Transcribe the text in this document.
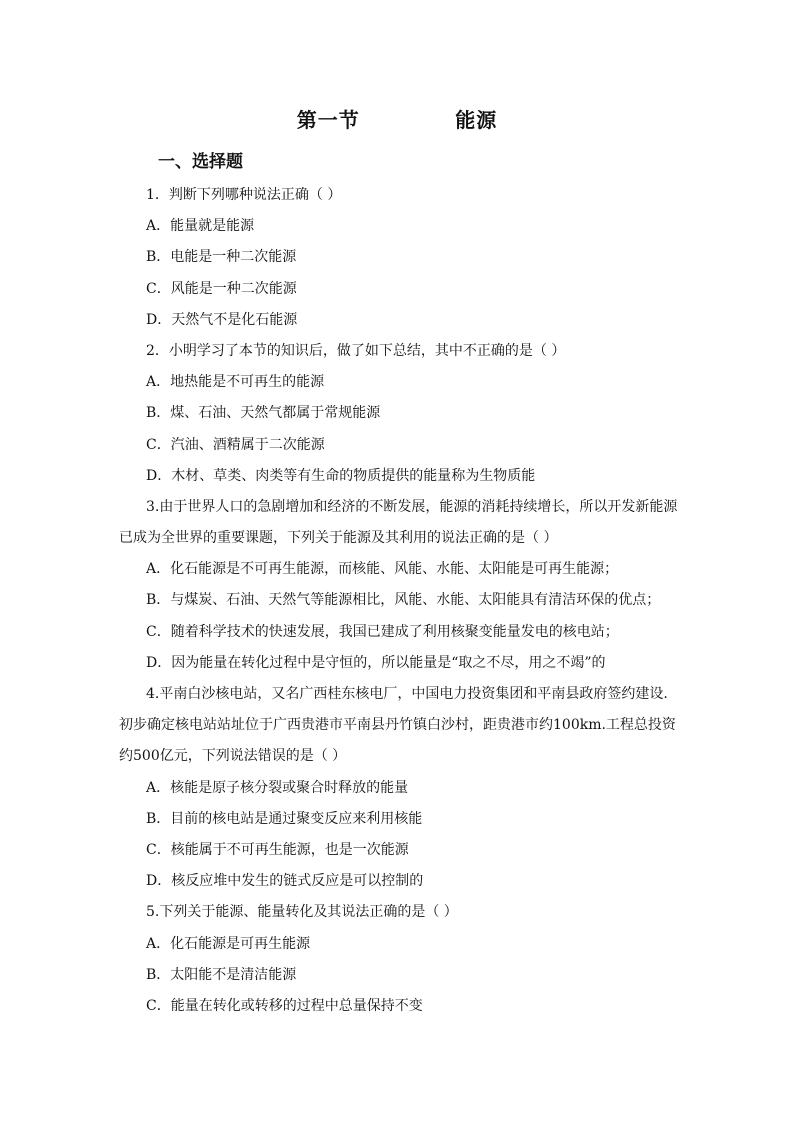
第一节            能源
一、选择题
1．判断下列哪种说法正确（ ）
A．能量就是能源
B．电能是一种二次能源
C．风能是一种二次能源
D．天然气不是化石能源
2．小明学习了本节的知识后，做了如下总结，其中不正确的是（ ）
A．地热能是不可再生的能源
B．煤、石油、天然气都属于常规能源
C．汽油、酒精属于二次能源
D．木材、草类、肉类等有生命的物质提供的能量称为生物质能
3.由于世界人口的急剧增加和经济的不断发展，能源的消耗持续增长，所以开发新能源
已成为全世界的重要课题，下列关于能源及其利用的说法正确的是（ ）
A．化石能源是不可再生能源，而核能、风能、水能、太阳能是可再生能源；
B．与煤炭、石油、天然气等能源相比，风能、水能、太阳能具有清洁环保的优点；
C．随着科学技术的快速发展，我国已建成了利用核聚变能量发电的核电站；
D．因为能量在转化过程中是守恒的，所以能量是“取之不尽，用之不竭”的
4.平南白沙核电站，又名广西桂东核电厂，中国电力投资集团和平南县政府签约建设.
初步确定核电站站址位于广西贵港市平南县丹竹镇白沙村，距贵港市约100km.工程总投资
约500亿元，下列说法错误的是（ ）
A．核能是原子核分裂或聚合时释放的能量
B．目前的核电站是通过聚变反应来利用核能
C．核能属于不可再生能源，也是一次能源
D．核反应堆中发生的链式反应是可以控制的
5.下列关于能源、能量转化及其说法正确的是（ ）
A．化石能源是可再生能源
B．太阳能不是清洁能源
C．能量在转化或转移的过程中总量保持不变
